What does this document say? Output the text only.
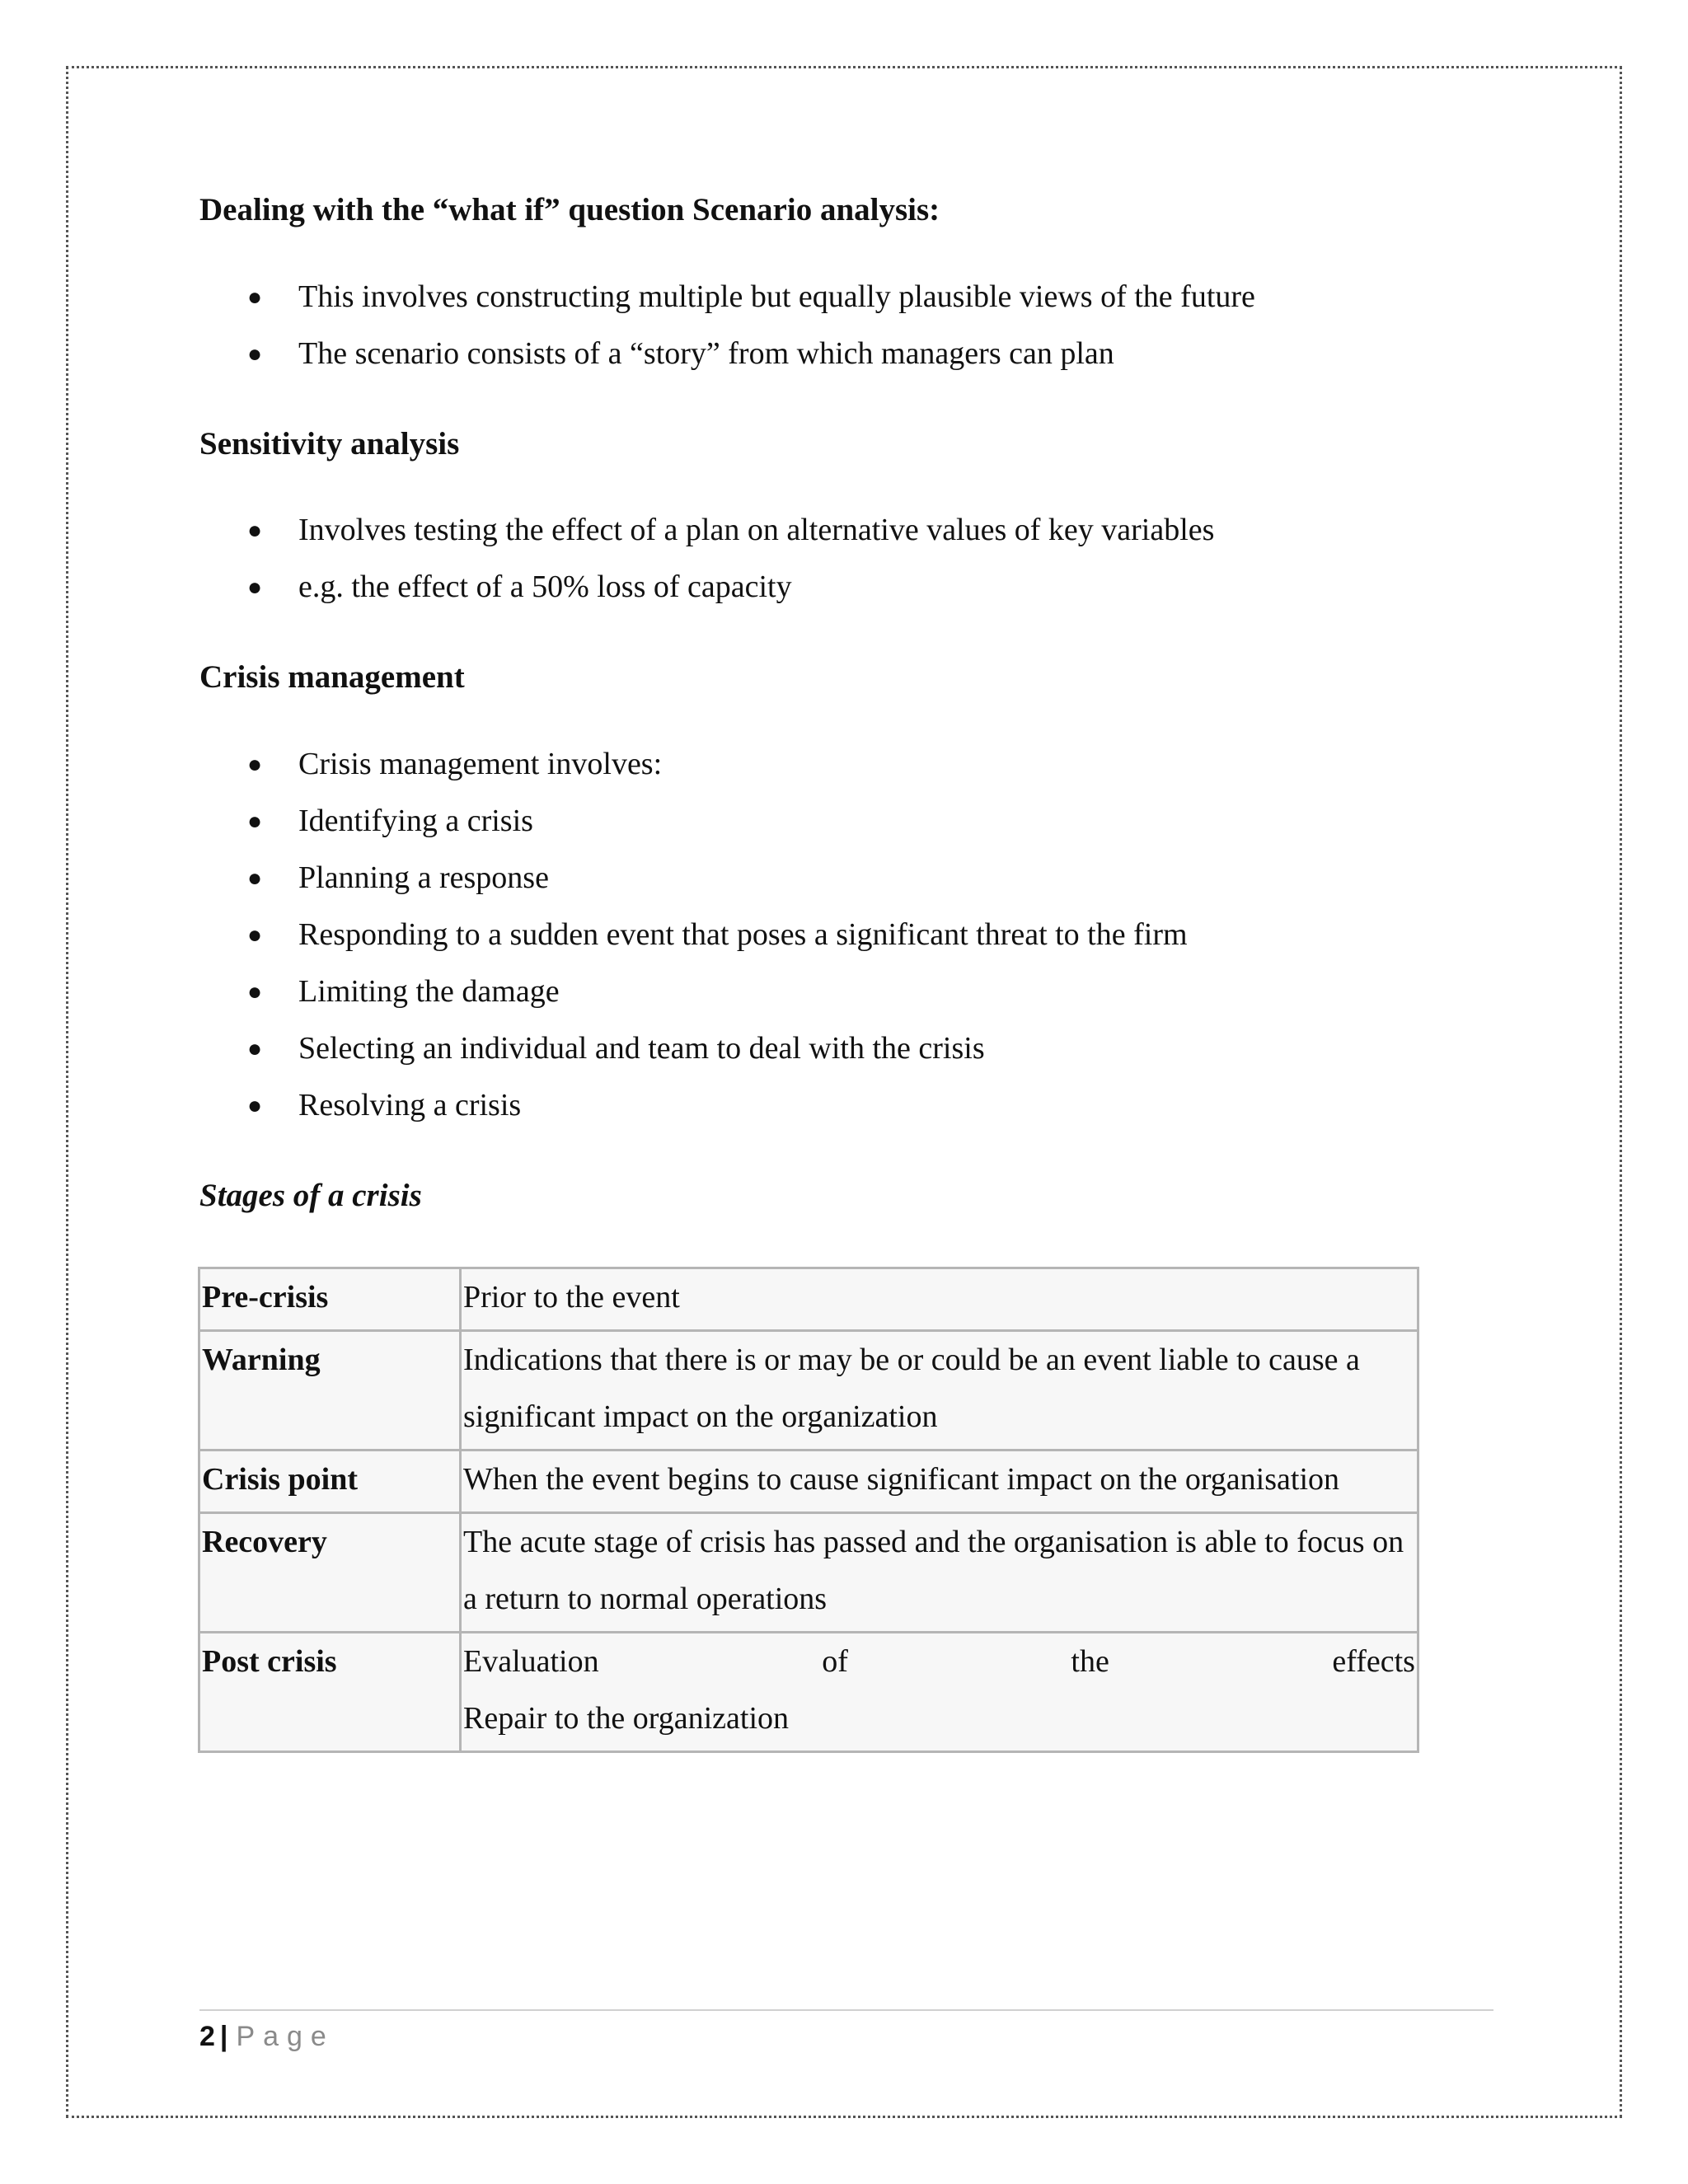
Dealing with the “what if” question Scenario analysis:
● This involves constructing multiple but equally plausible views of the future
● The scenario consists of a “story” from which managers can plan
Sensitivity analysis
● Involves testing the effect of a plan on alternative values of key variables
● e.g. the effect of a 50% loss of capacity
Crisis management
● Crisis management involves:
● Identifying a crisis
● Planning a response
● Responding to a sudden event that poses a significant threat to the firm
● Limiting the damage
● Selecting an individual and team to deal with the crisis
● Resolving a crisis
Stages of a crisis
Pre-crisis	Prior to the event
Warning	Indications that there is or may be or could be an event liable to cause a significant impact on the organization
Crisis point	When the event begins to cause significant impact on the organisation
Recovery	The acute stage of crisis has passed and the organisation is able to focus on a return to normal operations
Post crisis	Evaluation of the effects
Repair to the organization
2 | Page
